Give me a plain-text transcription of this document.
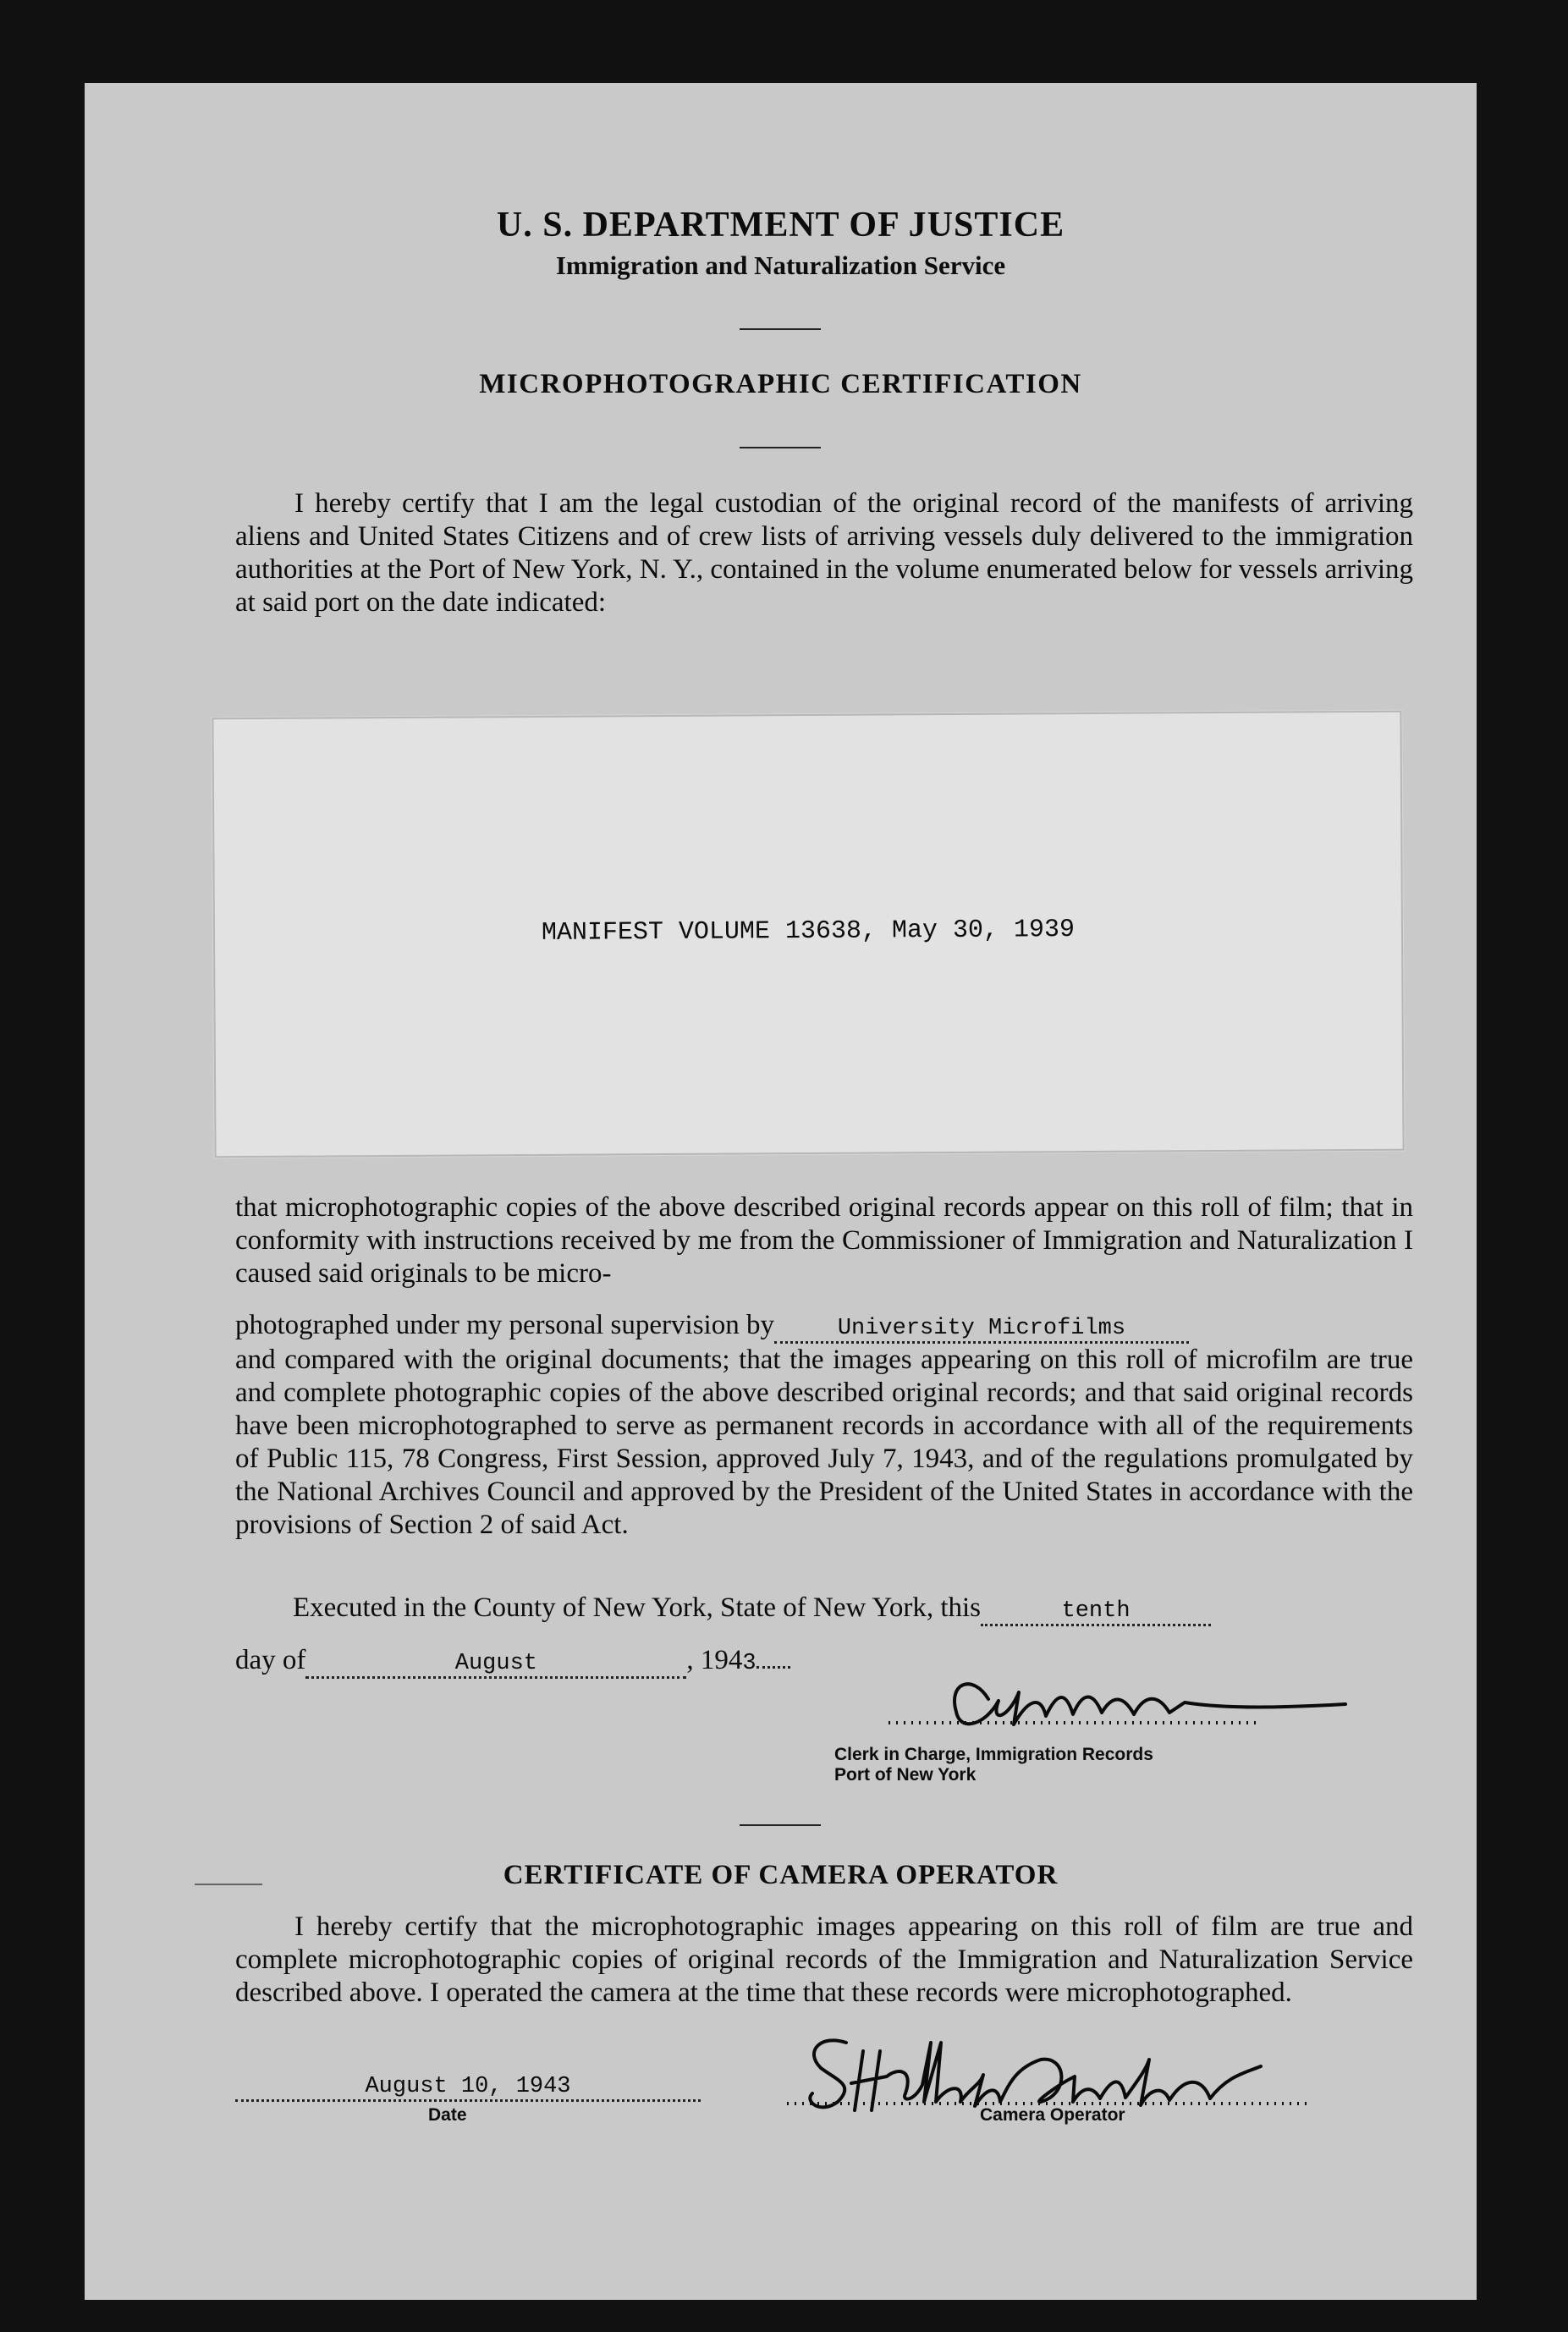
U. S. DEPARTMENT OF JUSTICE
Immigration and Naturalization Service
MICROPHOTOGRAPHIC CERTIFICATION

I hereby certify that I am the legal custodian of the original record of the manifests of arriving aliens and United States Citizens and of crew lists of arriving vessels duly delivered to the immigration authorities at the Port of New York, N. Y., contained in the volume enumerated below for vessels arriving at said port on the date indicated:

MANIFEST VOLUME 13638, May 30, 1939

that microphotographic copies of the above described original records appear on this roll of film; that in conformity with instructions received by me from the Commissioner of Immigration and Naturalization I caused said originals to be micro-

photographed under my personal supervision by	University Microfilms

and compared with the original documents; that the images appearing on this roll of microfilm are true and complete photographic copies of the above described original records; and that said original records have been microphotographed to serve as permanent records in accordance with all of the requirements of Public 115, 78 Congress, First Session, approved July 7, 1943, and of the regulations promulgated by the National Archives Council and approved by the President of the United States in accordance with the provisions of Section 2 of said Act.

Executed in the County of New York, State of New York, this	tenth

day of	August	, 1943

Clerk in Charge, Immigration Records

Port of New York

CERTIFICATE OF CAMERA OPERATOR

I hereby certify that the microphotographic images appearing on this roll of film are true and complete microphotographic copies of original records of the Immigration and Naturalization Service described above. I operated the camera at the time that these records were microphotographed.

August 10, 1943

Date	Camera Operator
